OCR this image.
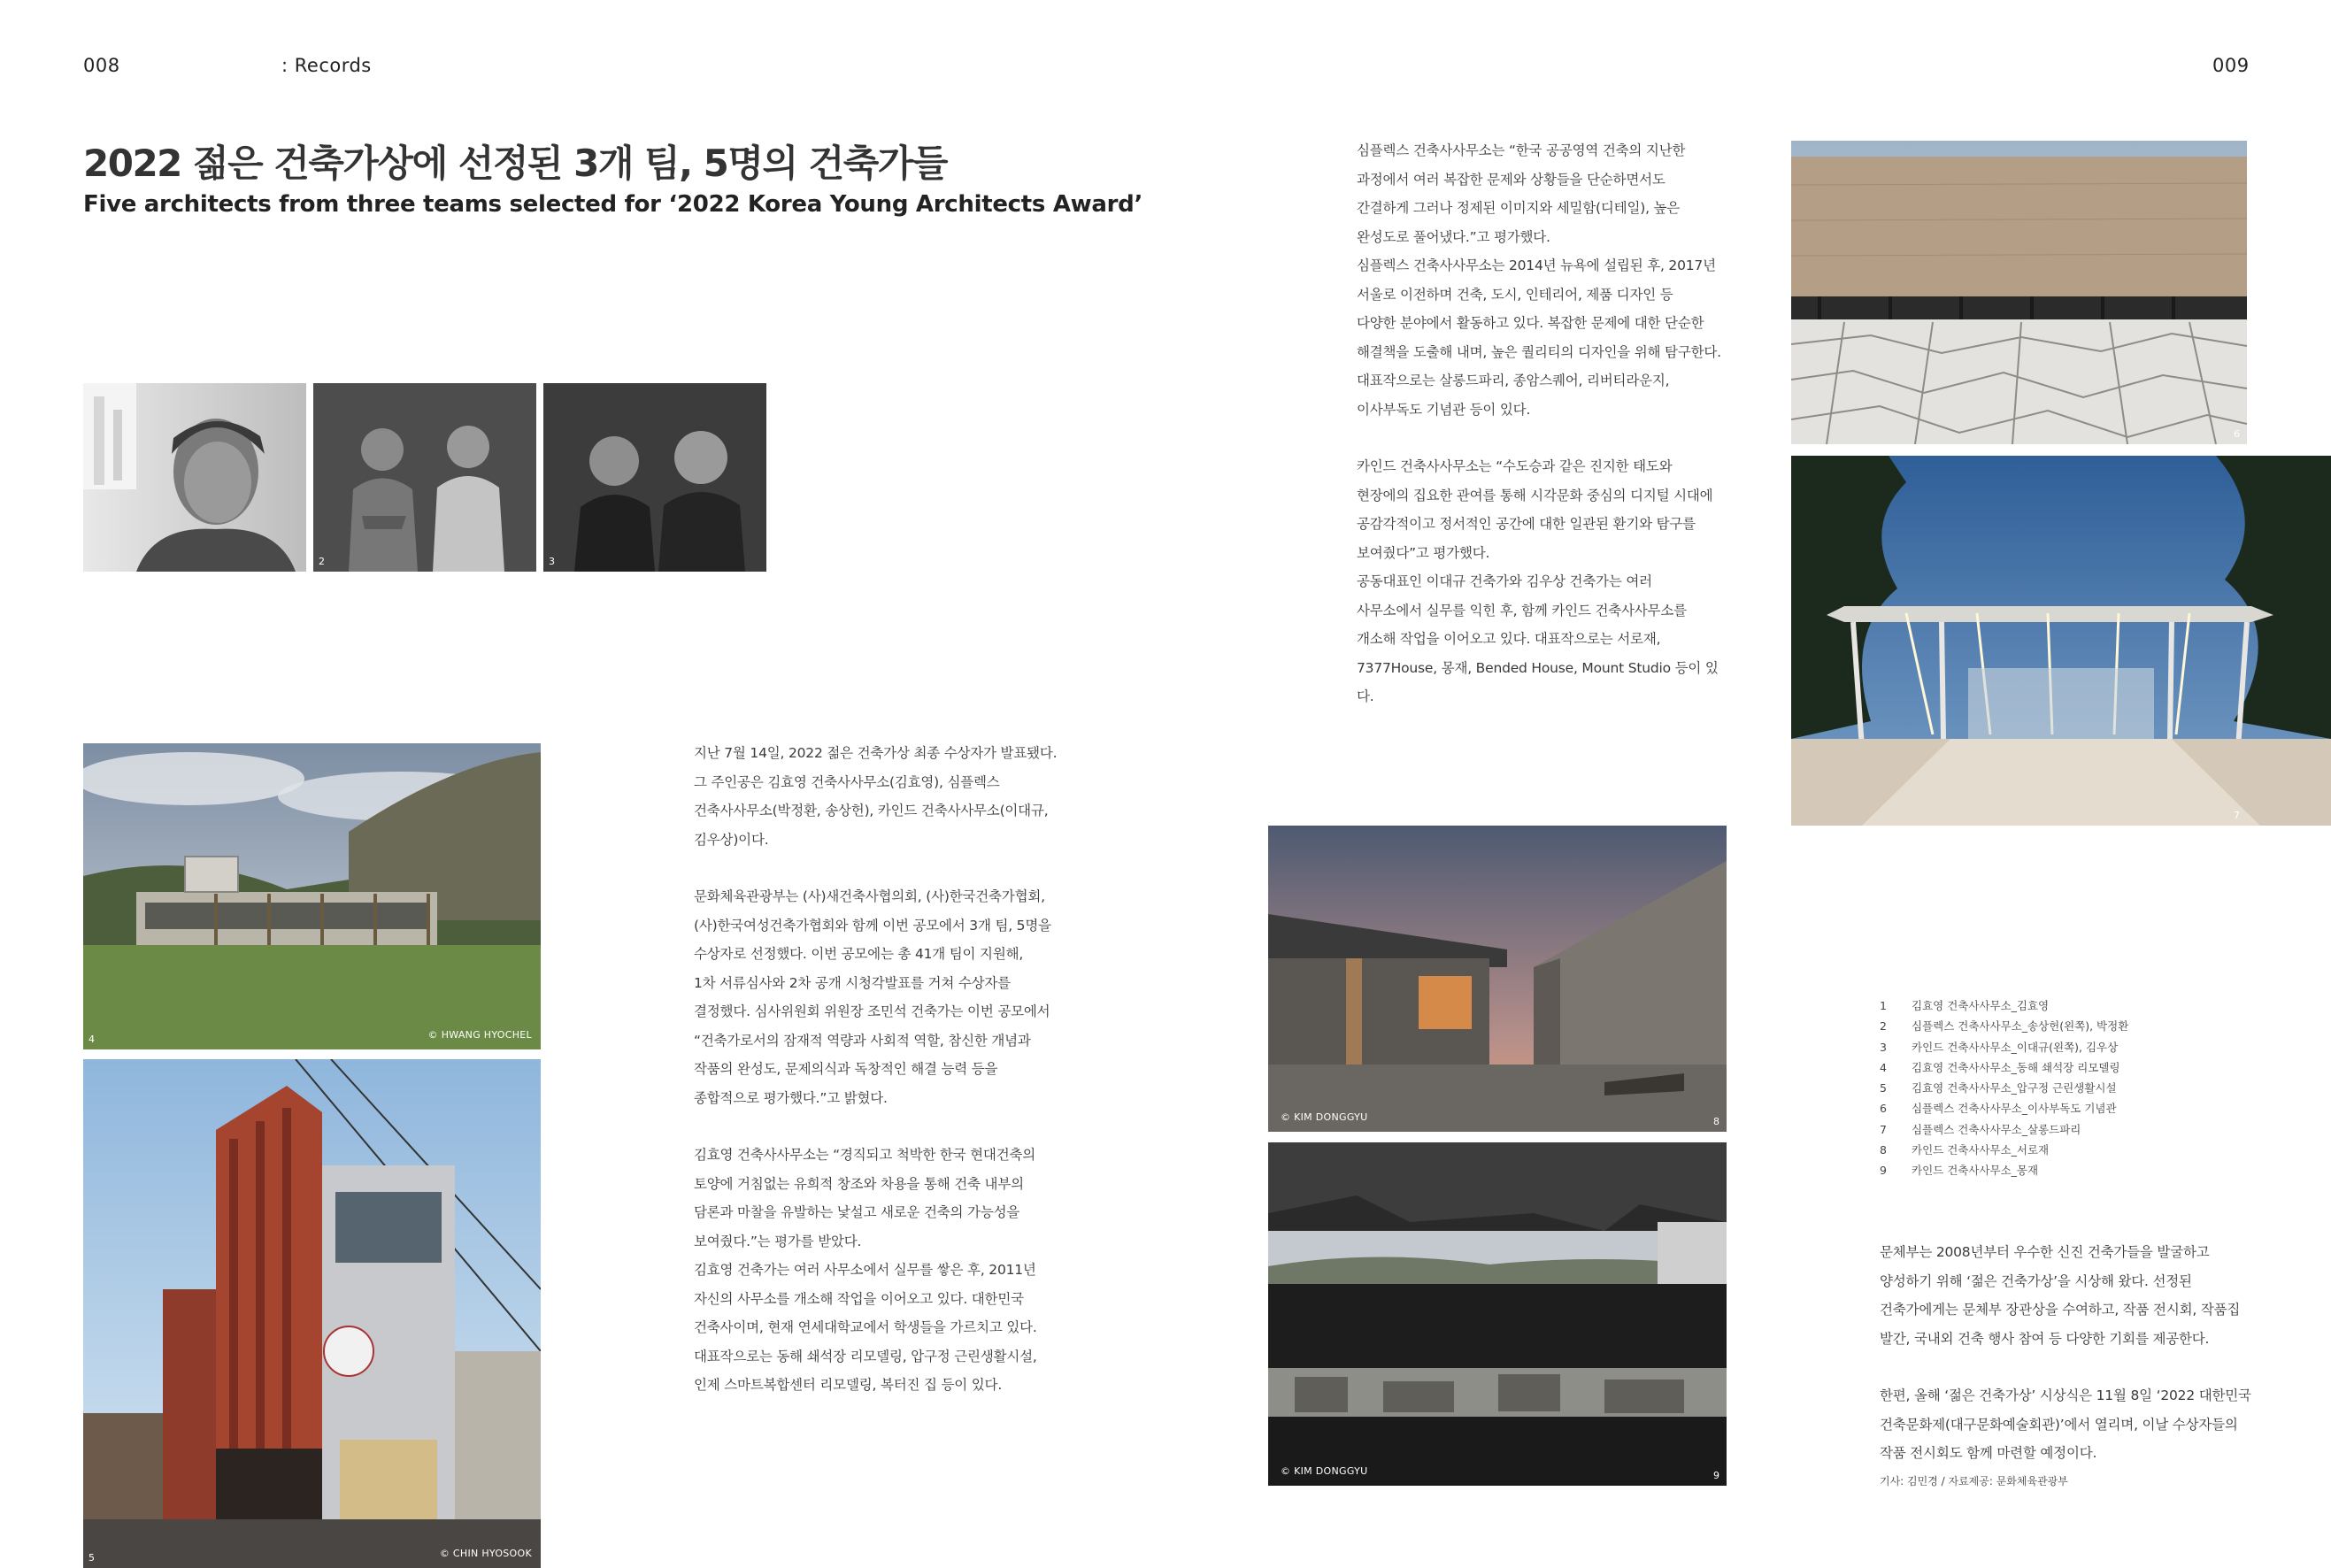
008	: Records	009
2022 젊은 건축가상에 선정된 3개 팀, 5명의 건축가들
Five architects from three teams selected for ‘2022 Korea Young Architects Award’
2	3
4	© HWANG HYOCHEL
5	© CHIN HYOSOOK

지난 7월 14일, 2022 젊은 건축가상 최종 수상자가 발표됐다.
그 주인공은 김효영 건축사사무소(김효영), 심플렉스
건축사사무소(박정환, 송상헌), 카인드 건축사사무소(이대규,
김우상)이다.

문화체육관광부는 (사)새건축사협의회, (사)한국건축가협회,
(사)한국여성건축가협회와 함께 이번 공모에서 3개 팀, 5명을
수상자로 선정했다. 이번 공모에는 총 41개 팀이 지원해,
1차 서류심사와 2차 공개 시청각발표를 거쳐 수상자를
결정했다. 심사위원회 위원장 조민석 건축가는 이번 공모에서
“건축가로서의 잠재적 역량과 사회적 역할, 참신한 개념과
작품의 완성도, 문제의식과 독창적인 해결 능력 등을
종합적으로 평가했다.”고 밝혔다.

김효영 건축사사무소는 “경직되고 척박한 한국 현대건축의
토양에 거침없는 유희적 창조와 차용을 통해 건축 내부의
담론과 마찰을 유발하는 낯설고 새로운 건축의 가능성을
보여줬다.”는 평가를 받았다.
김효영 건축가는 여러 사무소에서 실무를 쌓은 후, 2011년
자신의 사무소를 개소해 작업을 이어오고 있다. 대한민국
건축사이며, 현재 연세대학교에서 학생들을 가르치고 있다.
대표작으로는 동해 쇄석장 리모델링, 압구정 근린생활시설,
인제 스마트복합센터 리모델링, 복터진 집 등이 있다.

심플렉스 건축사사무소는 “한국 공공영역 건축의 지난한
과정에서 여러 복잡한 문제와 상황들을 단순하면서도
간결하게 그러나 정제된 이미지와 세밀함(디테일), 높은
완성도로 풀어냈다.”고 평가했다.
심플렉스 건축사사무소는 2014년 뉴욕에 설립된 후, 2017년
서울로 이전하며 건축, 도시, 인테리어, 제품 디자인 등
다양한 분야에서 활동하고 있다. 복잡한 문제에 대한 단순한
해결책을 도출해 내며, 높은 퀄리티의 디자인을 위해 탐구한다.
대표작으로는 살롱드파리, 종암스퀘어, 리버티라운지,
이사부독도 기념관 등이 있다.

카인드 건축사사무소는 “수도승과 같은 진지한 태도와
현장에의 집요한 관여를 통해 시각문화 중심의 디지털 시대에
공감각적이고 정서적인 공간에 대한 일관된 환기와 탐구를
보여줬다”고 평가했다.
공동대표인 이대규 건축가와 김우상 건축가는 여러
사무소에서 실무를 익힌 후, 함께 카인드 건축사사무소를
개소해 작업을 이어오고 있다. 대표작으로는 서로재,
7377House, 몽재, Bended House, Mount Studio 등이 있다.

6
7
8
© KIM DONGGYU
9
© KIM DONGGYU
1	김효영 건축사사무소_김효영
2	심플렉스 건축사사무소_송상헌(왼쪽), 박정환
3	카인드 건축사사무소_이대규(왼쪽), 김우상
4	김효영 건축사사무소_동해 쇄석장 리모델링
5	김효영 건축사사무소_압구정 근린생활시설
6	심플렉스 건축사사무소_이사부독도 기념관
7	심플렉스 건축사사무소_살롱드파리
8	카인드 건축사사무소_서로재
9	카인드 건축사사무소_몽재

문체부는 2008년부터 우수한 신진 건축가들을 발굴하고
양성하기 위해 ‘젊은 건축가상’을 시상해 왔다. 선정된
건축가에게는 문체부 장관상을 수여하고, 작품 전시회, 작품집
발간, 국내외 건축 행사 참여 등 다양한 기회를 제공한다.

한편, 올해 ‘젊은 건축가상’ 시상식은 11월 8일 ‘2022 대한민국
건축문화제(대구문화예술회관)’에서 열리며, 이날 수상자들의
작품 전시회도 함께 마련할 예정이다.

기사: 김민경 / 자료제공: 문화체육관광부
